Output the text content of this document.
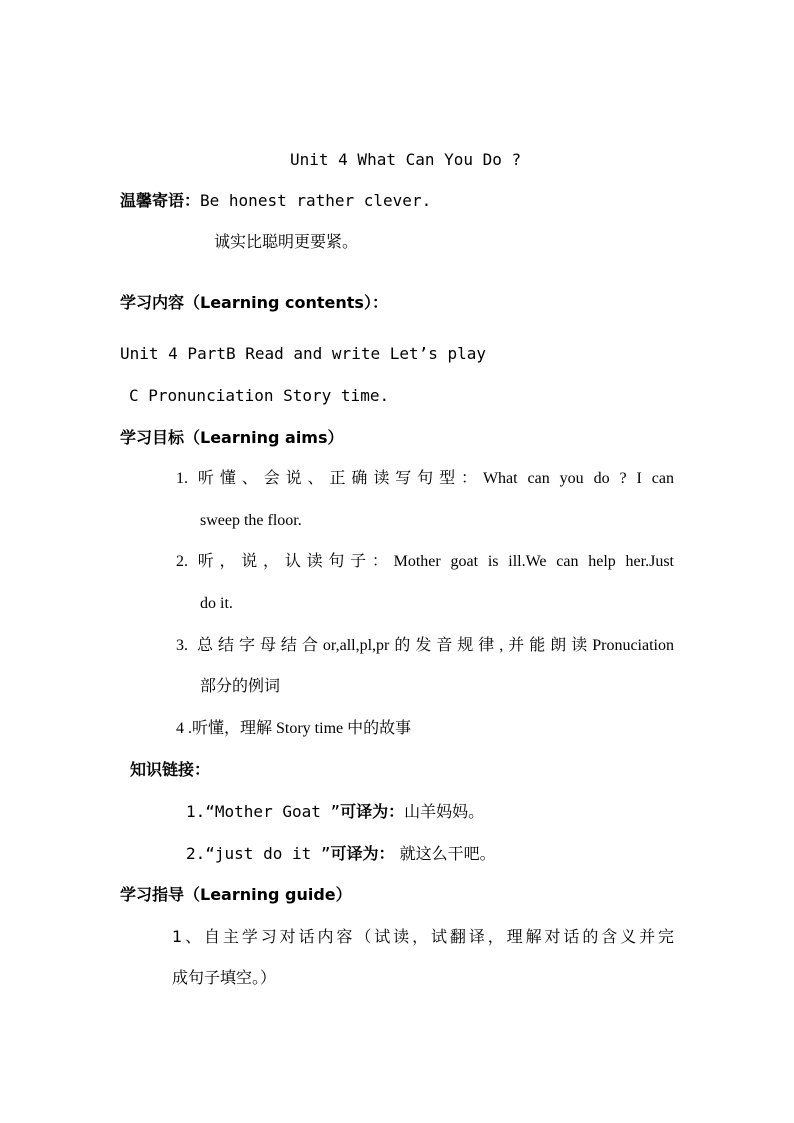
Unit 4 What Can You Do ?
温馨寄语：Be honest rather clever.
诚实比聪明更要紧。
学习内容（Learning contents）：
Unit 4 PartB Read and write Let’s play
C Pronunciation Story time.
学习目标（Learning aims）
1. 听懂、会说、正确读写句型：What can you do ? I can
sweep the floor.
2. 听，说，认读句子：Mother goat is ill.We can help her.Just
do it.
3. 总结字母结合or,all,pl,pr的发音规律,并能朗读Pronuciation
部分的例词
4 .听懂，理解 Story time 中的故事
知识链接：
1.“Mother Goat ”可译为：山羊妈妈。
2.“just do it ”可译为： 就这么干吧。
学习指导（Learning guide）
1、自主学习对话内容（试读，试翻译，理解对话的含义并完
成句子填空。）
